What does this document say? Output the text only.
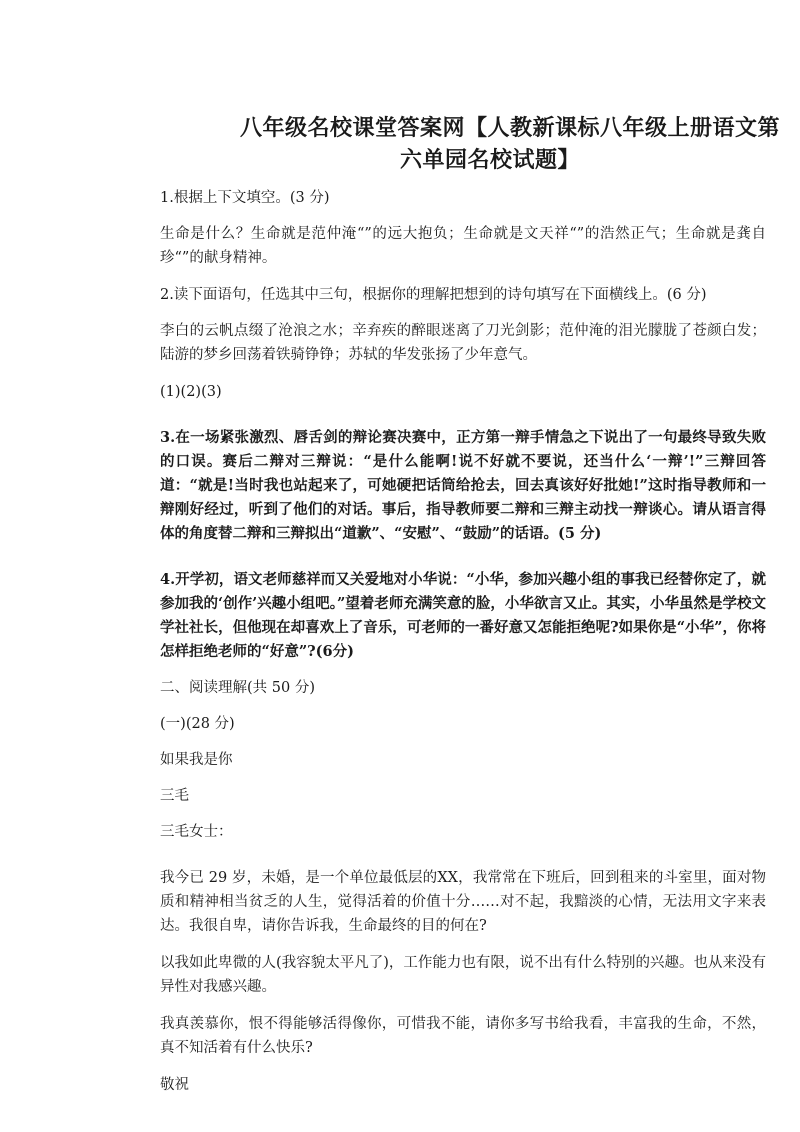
八年级名校课堂答案网【人教新课标八年级上册语文第
六单园名校试题】

1.根据上下文填空。(3 分)

生命是什么？生命就是范仲淹“”的远大抱负；生命就是文天祥“”的浩然正气；生命就是龚自珍“”的献身精神。

2.读下面语句，任选其中三句，根据你的理解把想到的诗句填写在下面横线上。(6 分)

李白的云帆点缀了沧浪之水；辛弃疾的醉眼迷离了刀光剑影；范仲淹的泪光朦胧了苍颜白发；陆游的梦乡回荡着铁骑铮铮；苏轼的华发张扬了少年意气。

(1)(2)(3)

3.在一场紧张激烈、唇舌剑的辩论赛决赛中，正方第一辩手情急之下说出了一句最终导致失败的口误。赛后二辩对三辩说：“是什么能啊!说不好就不要说，还当什么‘一辩’!”三辩回答道：“就是!当时我也站起来了，可她硬把话筒给抢去，回去真该好好批她!”这时指导教师和一辩刚好经过，听到了他们的对话。事后，指导教师要二辩和三辩主动找一辩谈心。请从语言得体的角度替二辩和三辩拟出“道歉”、“安慰”、“鼓励”的话语。(5 分)

4.开学初，语文老师慈祥而又关爱地对小华说：“小华，参加兴趣小组的事我已经替你定了，就参加我的‘创作’兴趣小组吧。”望着老师充满笑意的脸，小华欲言又止。其实，小华虽然是学校文学社社长，但他现在却喜欢上了音乐，可老师的一番好意又怎能拒绝呢?如果你是“小华”，你将怎样拒绝老师的“好意”?(6分)

二、阅读理解(共 50 分)

(一)(28 分)

如果我是你

三毛

三毛女士：

我今已 29 岁，未婚，是一个单位最低层的XX，我常常在下班后，回到租来的斗室里，面对物质和精神相当贫乏的人生，觉得活着的价值十分……对不起，我黯淡的心情，无法用文字来表达。我很自卑，请你告诉我，生命最终的目的何在?

以我如此卑微的人(我容貌太平凡了)，工作能力也有限，说不出有什么特别的兴趣。也从来没有异性对我感兴趣。

我真羡慕你，恨不得能够活得像你，可惜我不能，请你多写书给我看，丰富我的生命，不然，真不知活着有什么快乐?

敬祝
